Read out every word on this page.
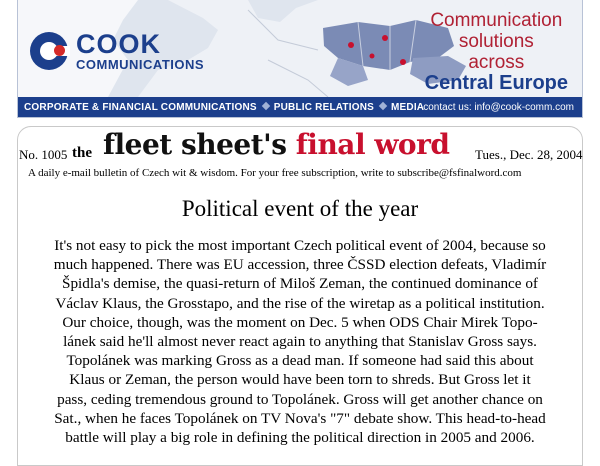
COOK
COMMUNICATIONS
Communication
solutions
across
Central Europe
CORPORATE & FINANCIAL COMMUNICATIONS PUBLIC RELATIONS MEDIA contact us: info@cook-comm.com
No. 1005 the fleet sheet's final word Tues., Dec. 28, 2004
A daily e-mail bulletin of Czech wit & wisdom. For your free subscription, write to subscribe@fsfinalword.com
Political event of the year
It's not easy to pick the most important Czech political event of 2004, because so
much happened. There was EU accession, three ČSSD election defeats, Vladimír
Špidla's demise, the quasi-return of Miloš Zeman, the continued dominance of
Václav Klaus, the Grosstapo, and the rise of the wiretap as a political institution.
Our choice, though, was the moment on Dec. 5 when ODS Chair Mirek Topo-
lánek said he'll almost never react again to anything that Stanislav Gross says.
Topolánek was marking Gross as a dead man. If someone had said this about
Klaus or Zeman, the person would have been torn to shreds. But Gross let it
pass, ceding tremendous ground to Topolánek. Gross will get another chance on
Sat., when he faces Topolánek on TV Nova's "7" debate show. This head-to-head
battle will play a big role in defining the political direction in 2005 and 2006.
